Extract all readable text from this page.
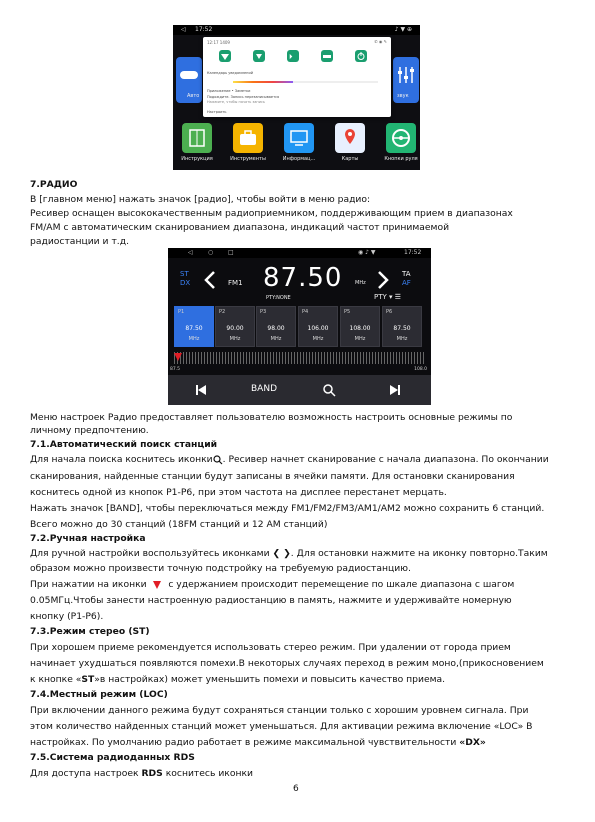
◁ 17:52	♪ ▼ ⊕
Авто	звук
12:17 1409	✆ ◉ ✎
⏵
Календарь уведомлений
Приложение • Заметки
Подождите. Запись перезаписывается
Нажмите, чтобы начать запись
Настроить
Инструкция	Инструменты	Информац...	Карты	Кнопки руля
7.РАДИО
В [главном меню] нажать значок [радио], чтобы войти в меню радио:
Ресивер оснащен высококачественным радиоприемником, поддерживающим прием в диапазонах
FM/AM с автоматическим сканированием диапазона, индикаций частот принимаемой
радиостанции и т.д.
◁	○ □	◉ ♪ ▼	17:52
ST
DX	FM1 87.50	MHz
PTY:NONE
TA
AF
PTY ▾ ☰
P1
87.50
MHz
P2
90.00
MHz
P3
98.00
MHz
P4
106.00
MHz
P5
108.00
MHz
P6
87.50
MHz
87.5	108.0
BAND
Меню настроек Радио предоставляет пользователю возможность настроить основные режимы по
личному предпочтению.
7.1.Автоматический поиск станций
Для начала поиска коснитесь иконки . Ресивер начнет сканирование с начала диапазона. По окончании
сканирования, найденные станции будут записаны в ячейки памяти. Для остановки сканирования
коснитесь одной из кнопок P1-P6, при этом частота на дисплее перестанет мерцать.
Нажать значок [BAND], чтобы переключаться между FM1/FM2/FM3/AM1/AM2 можно сохранить 6 станций.
Всего можно до 30 станций (18FM станций и 12 AM станций)
7.2.Ручная настройка
Для ручной настройки воспользуйтесь иконками ❮ ❯. Для остановки нажмите на иконку повторно.Таким
образом можно произвести точную подстройку на требуемую радиостанцию.
При нажатии на иконки с удержанием происходит перемещение по шкале диапазона с шагом
0.05МГц.Чтобы занести настроенную радиостанцию в память, нажмите и удерживайте номерную
кнопку (P1-P6).
7.3.Режим стерео (ST)
При хорошем приеме рекомендуется использовать стерео режим. При удалении от города прием
начинает ухудшаться появляются помехи.В некоторых случаях переход в режим моно,(прикосновением
к кнопке «ST»в настройках) может уменьшить помехи и повысить качество приема.
7.4.Местный режим (LOC)
При включении данного режима будут сохраняться станции только с хорошим уровнем сигнала. При
этом количество найденных станций может уменьшаться. Для активации режима включение «LOC» В
настройках. По умолчанию радио работает в режиме максимальной чувствительности «DX»
7.5.Система радиоданных RDS
Для доступа настроек RDS коснитесь иконки
6
